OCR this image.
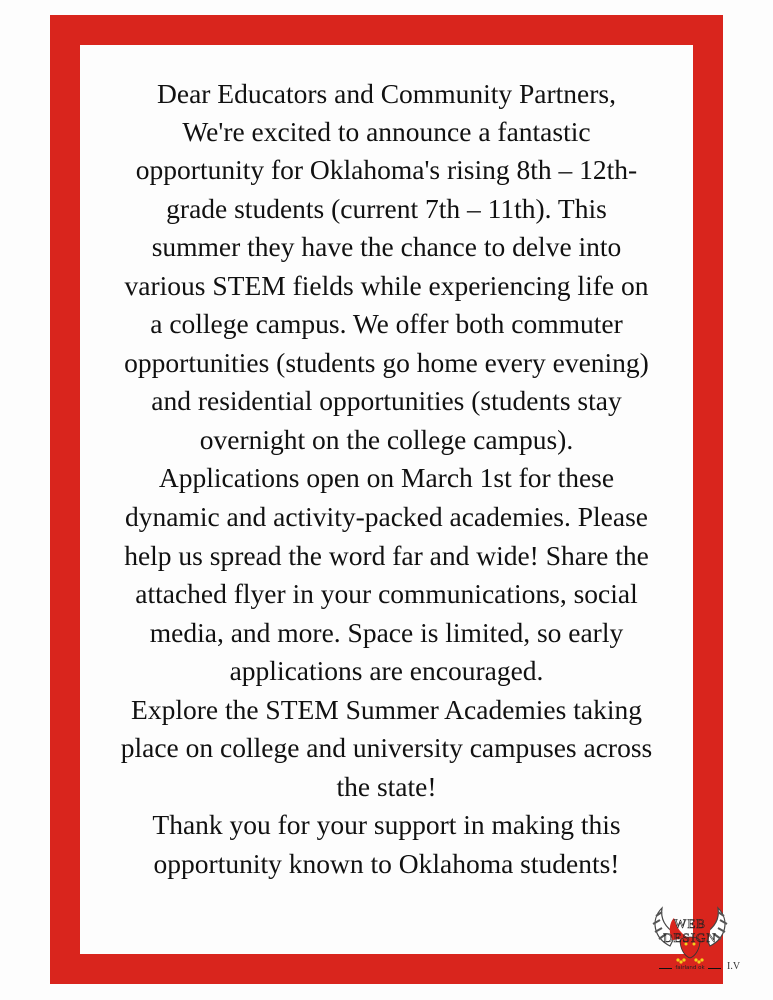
Dear Educators and Community Partners,
We're excited to announce a fantastic
opportunity for Oklahoma's rising 8th – 12th-
grade students (current 7th – 11th). This
summer they have the chance to delve into
various STEM fields while experiencing life on
a college campus. We offer both commuter
opportunities (students go home every evening)
and residential opportunities (students stay
overnight on the college campus).
Applications open on March 1st for these
dynamic and activity-packed academies. Please
help us spread the word far and wide! Share the
attached flyer in your communications, social
media, and more. Space is limited, so early
applications are encouraged.
Explore the STEM Summer Academies taking
place on college and university campuses across
the state!
Thank you for your support in making this
opportunity known to Oklahoma students!
WEB
DESIGN
fairland ok I.V
